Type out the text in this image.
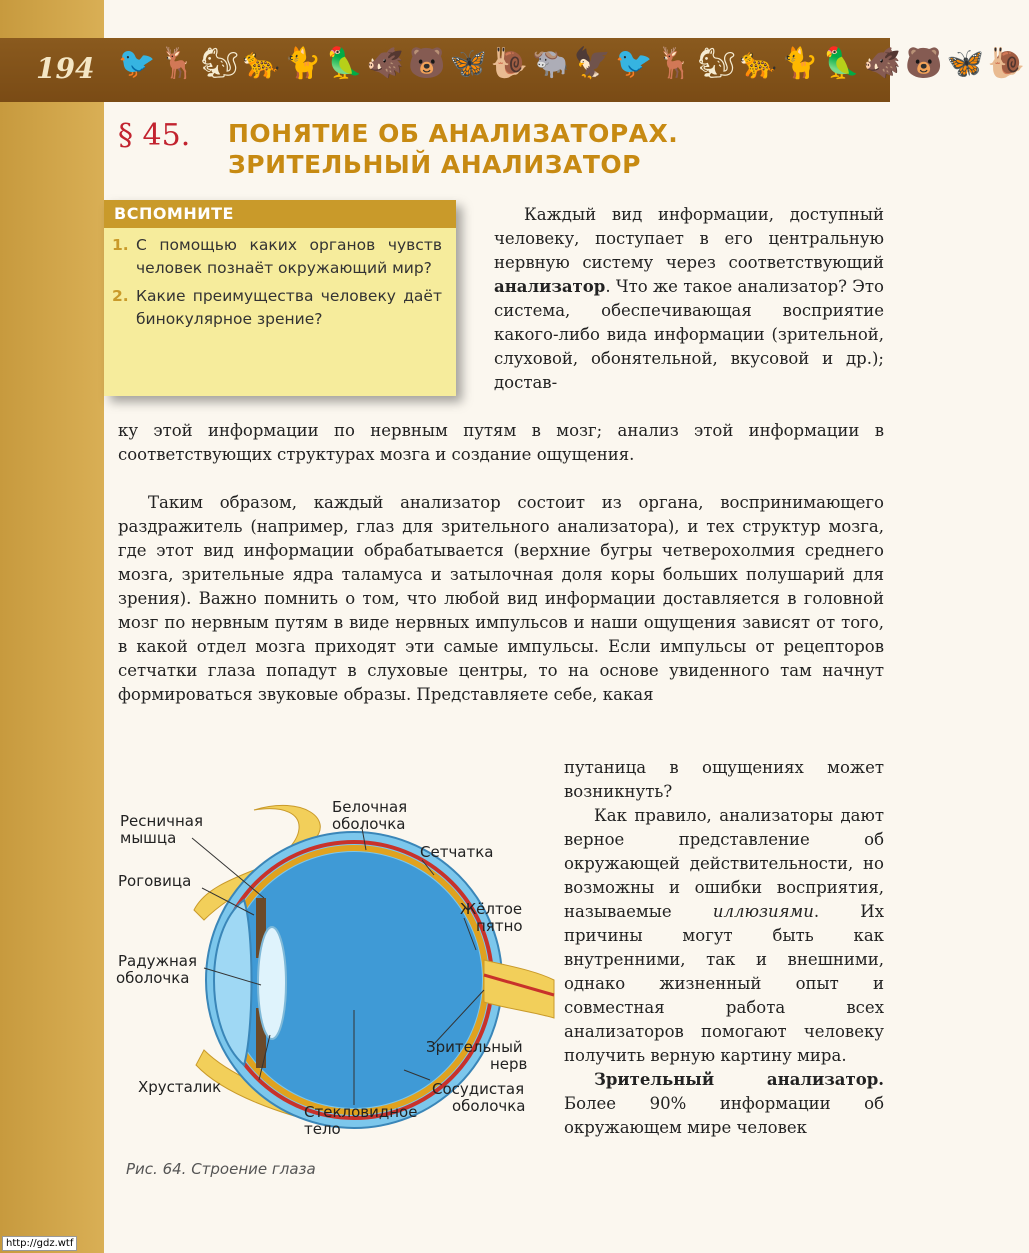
194 🐦🦌🐿🐆🐈🦜🐗🐻🦋🐌🐃🦅🐦🦌🐿🐆🐈🦜🐗🐻🦋🐌
§ 45. ПОНЯТИЕ ОБ АНАЛИЗАТОРАХ.
ЗРИТЕЛЬНЫЙ АНАЛИЗАТОР
ВСПОМНИТЕ
1. С помощью каких органов чувств человек познаёт окружающий мир?
2. Какие преимущества человеку даёт бинокулярное зрение?

Каждый вид информации, доступный человеку, поступает в его центральную нервную систему через соответствующий анализатор. Что же такое анализатор? Это система, обеспечивающая восприятие какого-либо вида информации (зрительной, слуховой, обонятельной, вкусовой и др.); достав-

ку этой информации по нервным путям в мозг; анализ этой информации в соответствующих структурах мозга и создание ощущения.

Таким образом, каждый анализатор состоит из органа, воспринимающего раздражитель (например, глаз для зрительного анализатора), и тех структур мозга, где этот вид информации обрабатывается (верхние бугры четверохолмия среднего мозга, зрительные ядра таламуса и затылочная доля коры больших полушарий для зрения). Важно помнить о том, что любой вид информации доставляется в головной мозг по нервным путям в виде нервных импульсов и наши ощущения зависят от того, в какой отдел мозга приходят эти самые импульсы. Если импульсы от рецепторов сетчатки глаза попадут в слуховые центры, то на основе увиденного там начнут формироваться звуковые образы. Представляете себе, какая

Ресничная
мышца
Белочная
оболочка
Сетчатка
Роговица
Жёлтое
пятно
Радужная
оболочка
Зрительный
нерв
Хрусталик	Сосудистая
оболочка
Стекловидное
тело
Рис. 64. Строение глаза

путаница в ощущениях может возникнуть?

Как правило, анализаторы дают верное представление об окружающей действительности, но возможны и ошибки восприятия, называемые иллюзиями. Их причины могут быть как внутренними, так и внешними, однако жизненный опыт и совместная работа всех анализаторов помогают человеку получить верную картину мира.

Зрительный анализатор. Более 90% информации об окружающем мире человек

http://gdz.wtf
